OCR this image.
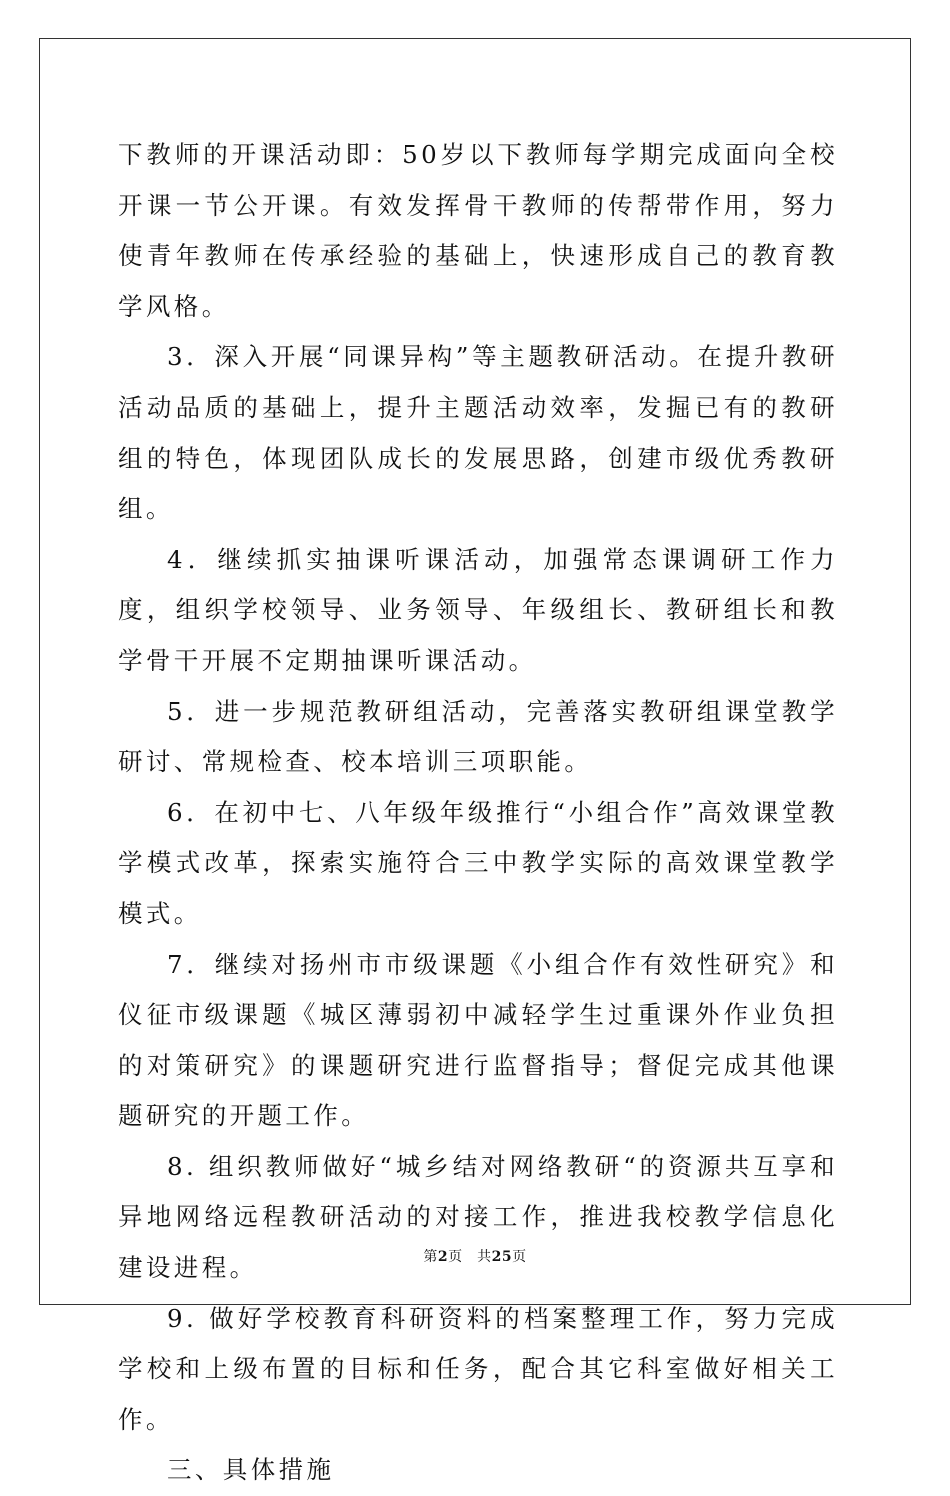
下教师的开课活动即：50岁以下教师每学期完成面向全校开课一节公开课。有效发挥骨干教师的传帮带作用，努力使青年教师在传承经验的基础上，快速形成自己的教育教学风格。

3．深入开展“同课异构”等主题教研活动。在提升教研活动品质的基础上，提升主题活动效率，发掘已有的教研组的特色，体现团队成长的发展思路，创建市级优秀教研组。

4．继续抓实抽课听课活动，加强常态课调研工作力度，组织学校领导、业务领导、年级组长、教研组长和教学骨干开展不定期抽课听课活动。

5．进一步规范教研组活动，完善落实教研组课堂教学研讨、常规检查、校本培训三项职能。

6．在初中七、八年级年级推行“小组合作”高效课堂教学模式改革，探索实施符合三中教学实际的高效课堂教学模式。

7．继续对扬州市市级课题《小组合作有效性研究》和仪征市级课题《城区薄弱初中减轻学生过重课外作业负担的对策研究》的课题研究进行监督指导；督促完成其他课题研究的开题工作。

8. 组织教师做好“城乡结对网络教研“的资源共互享和异地网络远程教研活动的对接工作，推进我校教学信息化建设进程。

9. 做好学校教育科研资料的档案整理工作，努力完成学校和上级布置的目标和任务，配合其它科室做好相关工作。

三、具体措施

第2页　共25页
